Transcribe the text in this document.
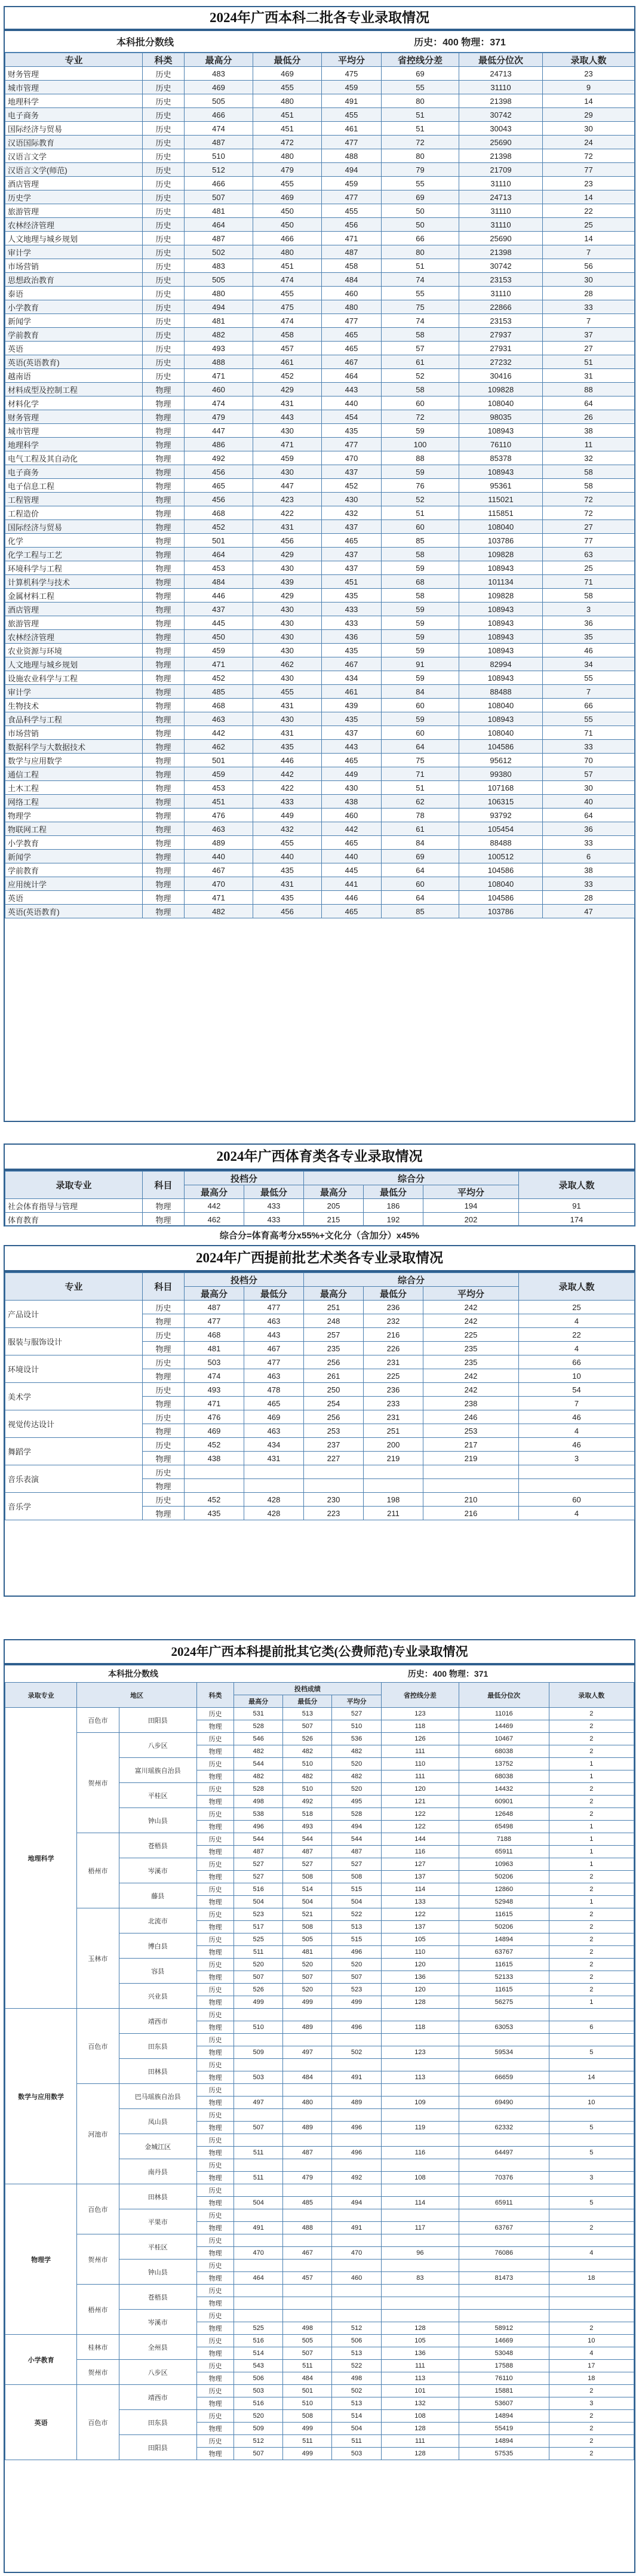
2024年广西本科二批各专业录取情况
本科批分数线	历史：400 物理：371
专业	科类	最高分	最低分	平均分	省控线分差	最低分位次	录取人数
财务管理	历史	483	469	475	69	24713	23
城市管理	历史	469	455	459	55	31110	9
地理科学	历史	505	480	491	80	21398	14
电子商务	历史	466	451	455	51	30742	29
国际经济与贸易	历史	474	451	461	51	30043	30
汉语国际教育	历史	487	472	477	72	25690	24
汉语言文学	历史	510	480	488	80	21398	72
汉语言文学(师范)	历史	512	479	494	79	21709	77
酒店管理	历史	466	455	459	55	31110	23
历史学	历史	507	469	477	69	24713	14
旅游管理	历史	481	450	455	50	31110	22
农林经济管理	历史	464	450	456	50	31110	25
人文地理与城乡规划	历史	487	466	471	66	25690	14
审计学	历史	502	480	487	80	21398	7
市场营销	历史	483	451	458	51	30742	56
思想政治教育	历史	505	474	484	74	23153	30
泰语	历史	480	455	460	55	31110	28
小学教育	历史	494	475	480	75	22866	33
新闻学	历史	481	474	477	74	23153	7
学前教育	历史	482	458	465	58	27937	37
英语	历史	493	457	465	57	27931	27
英语(英语教育)	历史	488	461	467	61	27232	51
越南语	历史	471	452	464	52	30416	31
材料成型及控制工程	物理	460	429	443	58	109828	88
材料化学	物理	474	431	440	60	108040	64
财务管理	物理	479	443	454	72	98035	26
城市管理	物理	447	430	435	59	108943	38
地理科学	物理	486	471	477	100	76110	11
电气工程及其自动化	物理	492	459	470	88	85378	32
电子商务	物理	456	430	437	59	108943	58
电子信息工程	物理	465	447	452	76	95361	58
工程管理	物理	456	423	430	52	115021	72
工程造价	物理	468	422	432	51	115851	72
国际经济与贸易	物理	452	431	437	60	108040	27
化学	物理	501	456	465	85	103786	77
化学工程与工艺	物理	464	429	437	58	109828	63
环境科学与工程	物理	453	430	437	59	108943	25
计算机科学与技术	物理	484	439	451	68	101134	71
金属材料工程	物理	446	429	435	58	109828	58
酒店管理	物理	437	430	433	59	108943	3
旅游管理	物理	445	430	433	59	108943	36
农林经济管理	物理	450	430	436	59	108943	35
农业资源与环境	物理	459	430	435	59	108943	46
人文地理与城乡规划	物理	471	462	467	91	82994	34
设施农业科学与工程	物理	452	430	434	59	108943	55
审计学	物理	485	455	461	84	88488	7
生物技术	物理	468	431	439	60	108040	66
食品科学与工程	物理	463	430	435	59	108943	55
市场营销	物理	442	431	437	60	108040	71
数据科学与大数据技术	物理	462	435	443	64	104586	33
数学与应用数学	物理	501	446	465	75	95612	70
通信工程	物理	459	442	449	71	99380	57
土木工程	物理	453	422	430	51	107168	30
网络工程	物理	451	433	438	62	106315	40
物理学	物理	476	449	460	78	93792	64
物联网工程	物理	463	432	442	61	105454	36
小学教育	物理	489	455	465	84	88488	33
新闻学	物理	440	440	440	69	100512	6
学前教育	物理	467	435	445	64	104586	38
应用统计学	物理	470	431	441	60	108040	33
英语	物理	471	435	446	64	104586	28
英语(英语教育)	物理	482	456	465	85	103786	47
2024年广西体育类各专业录取情况
录取专业	科目	投档分		综合分			录取人数
		最高分	最低分	最高分	最低分	平均分	
社会体育指导与管理	物理	442	433	205	186	194	91
体育教育	物理	462	433	215	192	202	174
综合分=体育高考分x55%+文化分（含加分）x45%
2024年广西提前批艺术类各专业录取情况
专业	科目	投档分		综合分			录取人数
		最高分	最低分	最高分	最低分	平均分	
产品设计	历史	487	477	251	236	242	25
	物理	477	463	248	232	242	4
服装与服饰设计	历史	468	443	257	216	225	22
	物理	481	467	235	226	235	4
环境设计	历史	503	477	256	231	235	66
	物理	474	463	261	225	242	10
美术学	历史	493	478	250	236	242	54
	物理	471	465	254	233	238	7
视觉传达设计	历史	476	469	256	231	246	46
	物理	469	463	253	251	253	4
舞蹈学	历史	452	434	237	200	217	46
	物理	438	431	227	219	219	3
音乐表演	历史						
	物理						
音乐学	历史	452	428	230	198	210	60
	物理	435	428	223	211	216	4
2024年广西本科提前批其它类(公费师范)专业录取情况
本科批分数线	历史：400 物理：371
录取专业	地区		科类	投档成绩			省控线分差	最低分位次	录取人数
				最高分	最低分	平均分			
地理科学	百色市	田阳县	历史	531	513	527	123	11016	2
			物理	528	507	510	118	14469	2
	贺州市	八步区	历史	546	526	536	126	10467	2
			物理	482	482	482	111	68038	2
		富川瑶族自治县	历史	544	510	520	110	13752	1
			物理	482	482	482	111	68038	1
		平桂区	历史	528	510	520	120	14432	2
			物理	498	492	495	121	60901	2
		钟山县	历史	538	518	528	122	12648	2
			物理	496	493	494	122	65498	1
	梧州市	苍梧县	历史	544	544	544	144	7188	1
			物理	487	487	487	116	65911	1
		岑溪市	历史	527	527	527	127	10963	1
			物理	527	508	508	137	50206	2
		藤县	历史	516	514	515	114	12860	2
			物理	504	504	504	133	52948	1
	玉林市	北流市	历史	523	521	522	122	11615	2
			物理	517	508	513	137	50206	2
		博白县	历史	525	505	515	105	14894	2
			物理	511	481	496	110	63767	2
		容县	历史	520	520	520	120	11615	2
			物理	507	507	507	136	52133	2
		兴业县	历史	526	520	523	120	11615	2
			物理	499	499	499	128	56275	1
数学与应用数学	百色市	靖西市	历史						
			物理	510	489	496	118	63053	6
		田东县	历史						
			物理	509	497	502	123	59534	5
		田林县	历史						
			物理	503	484	491	113	66659	14
	河池市	巴马瑶族自治县	历史						
			物理	497	480	489	109	69490	10
		凤山县	历史						
			物理	507	489	496	119	62332	5
		金城江区	历史						
			物理	511	487	496	116	64497	5
		南丹县	历史						
			物理	511	479	492	108	70376	3
物理学	百色市	田林县	历史						
			物理	504	485	494	114	65911	5
		平果市	历史						
			物理	491	488	491	117	63767	2
	贺州市	平桂区	历史						
			物理	470	467	470	96	76086	4
		钟山县	历史						
			物理	464	457	460	83	81473	18
	梧州市	苍梧县	历史						
			物理						
		岑溪市	历史						
			物理	525	498	512	128	58912	2
小学教育	桂林市	全州县	历史	516	505	506	105	14669	10
			物理	514	507	513	136	53048	4
	贺州市	八步区	历史	543	511	522	111	17588	17
			物理	506	484	498	113	76110	18
英语	百色市	靖西市	历史	503	501	502	101	15881	2
			物理	516	510	513	132	53607	3
		田东县	历史	520	508	514	108	14894	2
			物理	509	499	504	128	55419	2
		田阳县	历史	512	511	511	111	14894	2
			物理	507	499	503	128	57535	2
